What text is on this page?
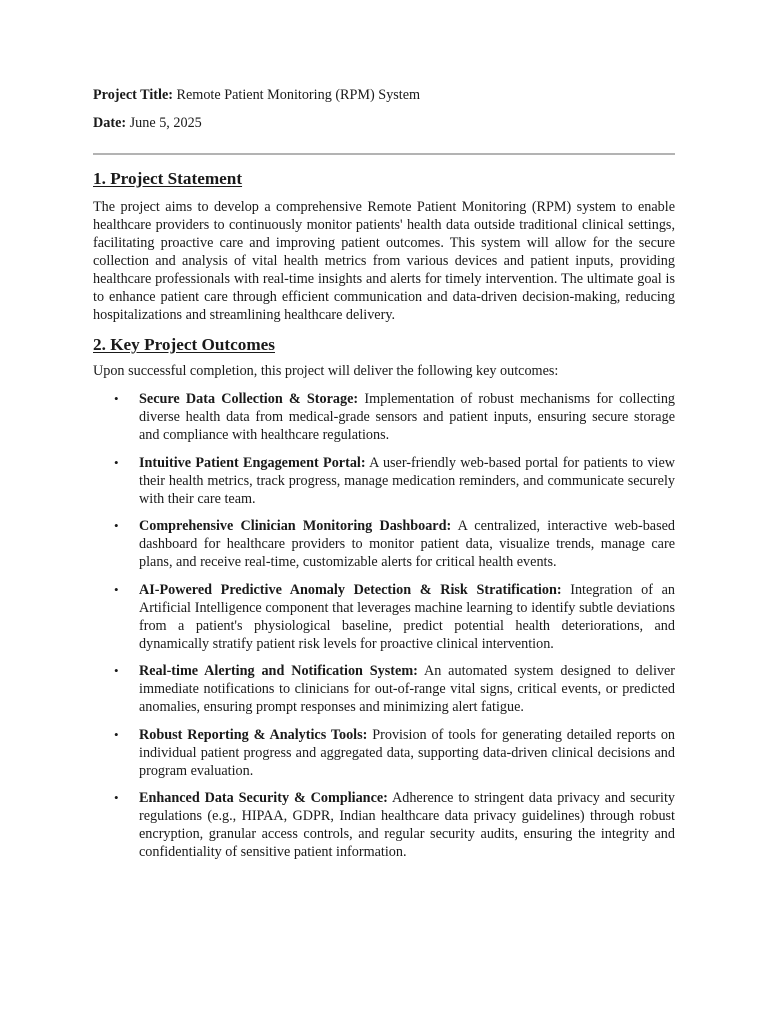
Project Title: Remote Patient Monitoring (RPM) System
Date: June 5, 2025
1. Project Statement

The project aims to develop a comprehensive Remote Patient Monitoring (RPM) system to enable healthcare providers to continuously monitor patients' health data outside traditional clinical settings, facilitating proactive care and improving patient outcomes. This system will allow for the secure collection and analysis of vital health metrics from various devices and patient inputs, providing healthcare professionals with real-time insights and alerts for timely intervention. The ultimate goal is to enhance patient care through efficient communication and data-driven decision-making, reducing hospitalizations and streamlining healthcare delivery.

2. Key Project Outcomes

Upon successful completion, this project will deliver the following key outcomes:

• Secure Data Collection & Storage: Implementation of robust mechanisms for collecting diverse health data from medical-grade sensors and patient inputs, ensuring secure storage and compliance with healthcare regulations.
• Intuitive Patient Engagement Portal: A user-friendly web-based portal for patients to view their health metrics, track progress, manage medication reminders, and communicate securely with their care team.
• Comprehensive Clinician Monitoring Dashboard: A centralized, interactive web-based dashboard for healthcare providers to monitor patient data, visualize trends, manage care plans, and receive real-time, customizable alerts for critical health events.
• AI-Powered Predictive Anomaly Detection & Risk Stratification: Integration of an Artificial Intelligence component that leverages machine learning to identify subtle deviations from a patient's physiological baseline, predict potential health deteriorations, and dynamically stratify patient risk levels for proactive clinical intervention.
• Real-time Alerting and Notification System: An automated system designed to deliver immediate notifications to clinicians for out-of-range vital signs, critical events, or predicted anomalies, ensuring prompt responses and minimizing alert fatigue.
• Robust Reporting & Analytics Tools: Provision of tools for generating detailed reports on individual patient progress and aggregated data, supporting data-driven clinical decisions and program evaluation.
• Enhanced Data Security & Compliance: Adherence to stringent data privacy and security regulations (e.g., HIPAA, GDPR, Indian healthcare data privacy guidelines) through robust encryption, granular access controls, and regular security audits, ensuring the integrity and confidentiality of sensitive patient information.
